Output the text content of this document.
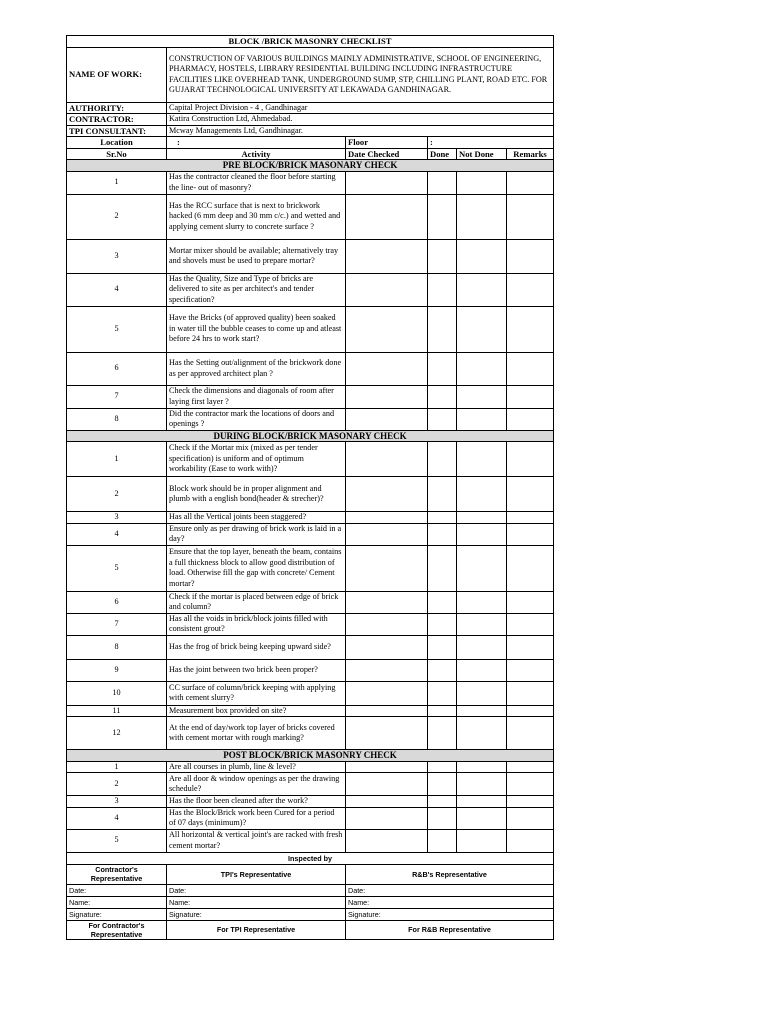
BLOCK /BRICK MASONRY CHECKLIST					
NAME OF WORK:	CONSTRUCTION OF VARIOUS BUILDINGS MAINLY ADMINISTRATIVE, SCHOOL OF ENGINEERING, PHARMACY, HOSTELS, LIBRARY RESIDENTIAL BUILDING INCLUDING INFRASTRUCTURE FACILITIES LIKE OVERHEAD TANK, UNDERGROUND SUMP, STP, CHILLING PLANT, ROAD ETC. FOR GUJARAT TECHNOLOGICAL UNIVERSITY AT LEKAWADA GANDHINAGAR.				
AUTHORITY:	Capital Project Division - 4 , Gandhinagar				
CONTRACTOR:	Katira Construction Ltd, Ahmedabad.				
TPI CONSULTANT:	Mcway Managements Ltd, Gandhinagar.				
Location	:	Floor	:		
Sr.No	Activity	Date Checked	Done	Not Done	Remarks
PRE BLOCK/BRICK MASONARY CHECK					
1	Has the contractor cleaned the floor before starting the line- out of masonry?				
2	Has the RCC surface that is next to brickwork hacked (6 mm deep and 30 mm c/c.) and wetted and applying cement slurry to concrete surface ?				
3	Mortar mixer should be available; alternatively tray and shovels must be used to prepare mortar?				
4	Has the Quality, Size and Type of bricks are delivered to site as per architect's and tender specification?				
5	Have the Bricks (of approved quality) been soaked in water till the bubble ceases to come up and atleast before 24 hrs to work start?				
6	Has the Setting out/alignment of the brickwork done as per approved architect plan ?				
7	Check the dimensions and diagonals of room after laying first layer ?				
8	Did the contractor mark the locations of doors and openings ?				
DURING BLOCK/BRICK MASONARY CHECK					
1	Check if the Mortar mix (mixed as per tender specification) is uniform and of optimum workability (Ease to work with)?				
2	Block work should be in proper alignment and plumb with a english bond(header & strecher)?				
3	Has all the Vertical joints been staggered?				
4	Ensure only as per drawing of brick work is laid in a day?				
5	Ensure that the top layer, beneath the beam, contains a full thickness block to allow good distribution of load. Otherwise fill the gap with concrete/ Cement mortar?				
6	Check if the mortar is placed between edge of brick and column?				
7	Has all the voids in brick/block joints filled with consistent grout?				
8	Has the frog of brick being keeping upward side?				
9	Has the joint between two brick been proper?				
10	CC surface of column/brick keeping with applying with cement slurry?				
11	Measurement box provided on site?				
12	At the end of day/work top layer of bricks covered with cement mortar with rough marking?				
POST BLOCK/BRICK MASONRY CHECK					
1	Are all courses in plumb, line & level?				
2	Are all door & window openings as per the drawing schedule?				
3	Has the floor been cleaned after the work?				
4	Has the Block/Brick work been Cured for a period of 07 days (minimum)?				
5	All horizontal & vertical joint's are racked with fresh cement mortar?				
Inspected by					
Contractor's Representative	TPI's Representative	R&B's Representative			
Date:	Date:	Date:			
Name:	Name:	Name:			
Signature:	Signature:	Signature:			
For Contractor's Representative	For TPI Representative	For R&B Representative			
